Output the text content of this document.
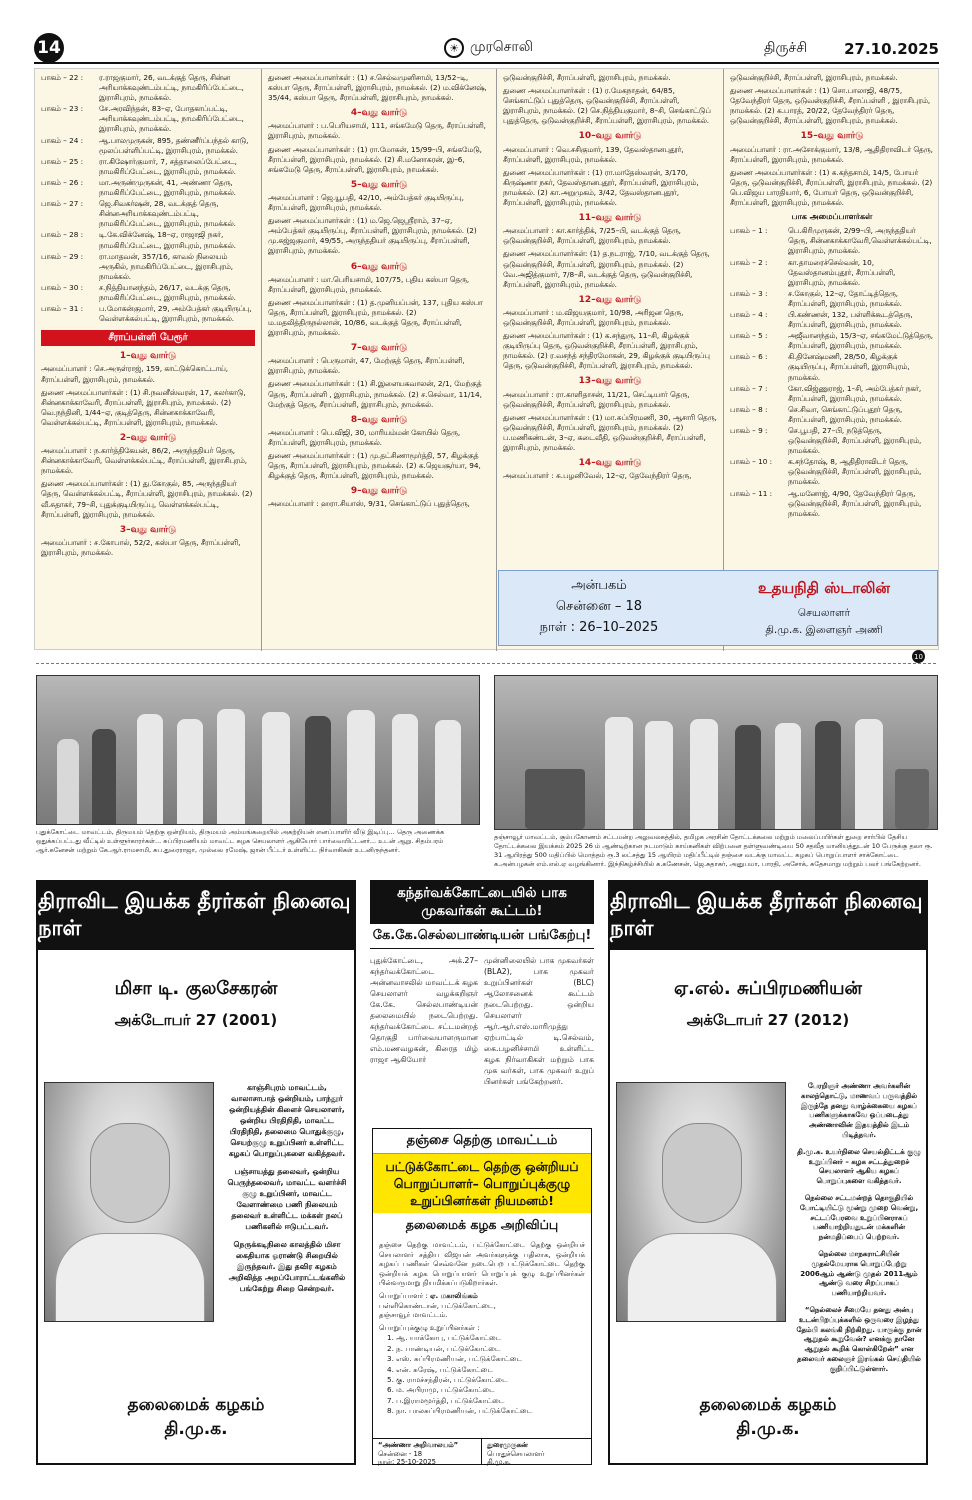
14	☀ முரசொலி	திருச்சி 27.10.2025
பாகம் – 22 :	ர.ராஜகுமார், 26, வடக்குத் தெரு, சின்ன அரியாக்கவுண்டம்பட்டி, நாமகிரிப்பேட்டை, இராசிபுரம், நாமக்கல்.
பாகம் – 23 :	சே.அரவிந்தன், 83–ஏ, போதகாப்பட்டி, அரியாக்கவுண்டம்பட்டி, நாமகிரிப்பேட்டை, இராசிபுரம், நாமக்கல்.
பாகம் – 24 :	ஆ.பாலமுருகன், 895, தண்ணீர்ப்பந்தல் காடு, மூலப்பள்ளிப்பட்டி, இராசிபுரம், நாமக்கல்.
பாகம் – 25 :	ரா.கிஷோர்குமார், 7, சத்தாலைப்பேட்டை, நாமகிரிப்பேட்டை, இராசிபுரம், நாமக்கல்.
பாகம் – 26 :	மா.அருண்முருகன், 41, அண்ணா தெரு, நாமகிரிப்பேட்டை, இராசிபுரம், நாமக்கல்.
பாகம் – 27 :	ஜெ.சிவகர்ஷன், 28, வடக்குத் தெரு, சின்னஅரியாக்கவுண்டம்பட்டி, நாமகிரிப்பேட்டை, இராசிபுரம், நாமக்கல்.
பாகம் – 28 :	டி.கே.விக்னேஷ், 18–ஏ, ராஜாஜி நகர், நாமகிரிப்பேட்டை, இராசிபுரம், நாமக்கல்.
பாகம் – 29 :	ரா.மாதவன், 357/16, காவல் நிலையம் அருகில், நாமகிரிப்பேட்டை, இராசிபுரம், நாமக்கல்.
பாகம் – 30 :	ச.நித்தியானந்தம், 26/17, வடக்கு தெரு, நாமகிரிப்பேட்டை, இராசிபுரம், நாமக்கல்.
பாகம் – 31 :	ப.மோகன்குமார், 29, அம்பேத்கர் குடியிருப்பு, வெள்ளக்கல்பட்டி, இராசிபுரம், நாமக்கல்.
சீராப்பள்ளி பேரூர்
1–வது வார்டு
அமைப்பாளர் : செ.அருள்ராஜ், 159, காட்டுக்கொட்டாய், சீராப்பள்ளி, இராசிபுரம், நாமக்கல்.
துணை அமைப்பாளர்கள் : (1) சி.நவனீஸ்வரன், 17, கலர்காடு, சின்னகாக்காவேரி, சீராப்பள்ளி, இராசிபுரம், நாமக்கல். (2) வெ.நந்தினி, 1/44–ஏ, குடித்தெரு, சின்னகாக்காவேரி, வெள்ளக்கல்பட்டி, சீராப்பள்ளி, இராசிபுரம், நாமக்கல்.
2–வது வார்டு
அமைப்பாளர் : ந.கார்த்திகேயன், 86/2, அருந்ததியர் தெரு, சின்னகாக்காவேரி, வெள்ளக்கல்பட்டி, சீராப்பள்ளி, இராசிபுரம், நாமக்கல்.
துணை அமைப்பாளர்கள் : (1) து.கோகுல், 85, அருந்ததியர் தெரு, வெள்ளக்கல்பட்டி, சீராப்பள்ளி, இராசிபுரம், நாமக்கல். (2) வீ.சுதாகர், 79–சி, புதுக்குடியிருப்பு, வெள்ளக்கல்பட்டி, சீராப்பள்ளி, இராசிபுரம், நாமக்கல்.
3–வது வார்டு
அமைப்பாளர் : ச.கோபால், 52/2, கஸ்பா தெரு, சீராப்பள்ளி, இராசிபுரம், நாமக்கல்.
துணை அமைப்பாளர்கள் : (1) ச.செல்வமுனிசாமி, 13/52–டி, கஸ்பா தெரு, சீராப்பள்ளி, இராசிபுரம், நாமக்கல். (2) ம.விக்னேஷ், 35/44, கஸ்பா தெரு, சீராப்பள்ளி, இராசிபுரம், நாமக்கல்.
4–வது வார்டு
அமைப்பாளர் : ப.பெரியசாமி, 111, சங்கமேடு தெரு, சீராப்பள்ளி, இராசிபுரம், நாமக்கல்.
துணை அமைப்பாளர்கள் : (1) ரா.மோகன், 15/99–பி, சங்கமேடு, சீராப்பள்ளி, இராசிபுரம், நாமக்கல். (2) சி.மனோகரன், இ–6, சங்கமேடு தெரு, சீராப்பள்ளி, இராசிபுரம், நாமக்கல்.
5–வது வார்டு
அமைப்பாளர் : ஜெ.யூபதி, 42/10, அம்பேத்கர் குடியிருப்பு, சீராப்பள்ளி, இராசிபுரம், நாமக்கல்.
துணை அமைப்பாளர்கள் : (1) ம.ஜெ.ஜெஸ்ரீராம், 37–ஏ, அம்பேத்கர் குடியிருப்பு, சீராப்பள்ளி, இராசிபுரம், நாமக்கல். (2) மு.சுஜ்ஜகுமார், 49/55, அருந்ததியர் குடியிருப்பு, சீராப்பள்ளி, இராசிபுரம், நாமக்கல்.
6–வது வார்டு
அமைப்பாளர் : மா.பெரியசாமி, 107/75, புதிய கஸ்பா தெரு, சீராப்பள்ளி, இராசிபுரம், நாமக்கல்.
துணை அமைப்பாளர்கள் : (1) த.முனியப்பன், 137, புதிய கஸ்பா தெரு, சீராப்பள்ளி, இராசிபுரம், நாமக்கல். (2) ம.மதலித்திருநல்லான், 10/86, வடக்குத் தெரு, சீராப்பள்ளி, இராசிபுரம், நாமக்கல்.
7–வது வார்டு
அமைப்பாளர் : பெருமாள், 47, மேற்குத் தெரு, சீராப்பள்ளி, இராசிபுரம், நாமக்கல்.
துணை அமைப்பாளர்கள் : (1) சி.இளையகவாலன், 2/1, மேற்குத் தெரு, சீராப்பள்ளி , இராசிபுரம், நாமக்கல். (2) ச.செல்வா, 11/14, மேற்குத் தெரு, சீராப்பள்ளி, இராசிபுரம், நாமக்கல்.
8–வது வார்டு
அமைப்பாளர் : பெ.விஜி, 30, மாரியம்மன் கோயில் தெரு, சீராப்பள்ளி, இராசிபுரம், நாமக்கல்.
துணை அமைப்பாளர்கள் : (1) மு.தட்சிணாமூர்த்தி, 57, கிழக்குத் தெரு, சீராப்பள்ளி, இராசிபுரம், நாமக்கல். (2) க.ஜெயசூர்யா, 94, கிழக்குத் தெரு, சீராப்பள்ளி, இராசிபுரம், நாமக்கல்.
9–வது வார்டு
அமைப்பாளர் : ஹரா.சியாஸ், 9/31, செங்காட்டுப் புதுத்தெரு,
ஒடுவன்குறிச்சி, சீராப்பள்ளி, இராசிபுரம், நாமக்கல்.
துணை அமைப்பாளர்கள் : (1) ர.மேகநாதன், 64/85, செங்காட்டுப் புதுத்தெரு, ஒடுவன்குறிச்சி, சீராப்பள்ளி, இராசிபுரம், நாமக்கல். (2) செ.நித்தியகுமார், 8–சி, செங்காட்டுப் புதுத்தெரு, ஒடுவன்குறிச்சி, சீராப்பள்ளி, இராசிபுரம், நாமக்கல்.
10–வது வார்டு
அமைப்பாளர் : வெ.சசிகுமார், 139, தேவஸ்தானபுதூர், சீராப்பள்ளி, இராசிபுரம், நாமக்கல்.
துணை அமைப்பாளர்கள் : (1) ரா.மாதேஸ்வரன், 3/170, கிருஷ்ணா நகர், தேவஸ்தானபுதூர், சீராப்பள்ளி, இராசிபுரம், நாமக்கல். (2) கா.அறுமுகம், 3/42, தேவஸ்தானபுதூர், சீராப்பள்ளி, இராசிபுரம், நாமக்கல்.
11–வது வார்டு
அமைப்பாளர் : கா.கார்த்திக், 7/25–பி, வடக்குத் தெரு, ஒடுவன்குறிச்சி, சீராப்பள்ளி, இராசிபுரம், நாமக்கல்.
துணை அமைப்பாளர்கள்: (1) த.நடராஜ், 7/10, வடக்குத் தெரு, ஒடுவன்குறிச்சி, சீராப்பள்ளி, இராசிபுரம், நாமக்கல். (2) வே.அஜித்குமார், 7/8–சி, வடக்குத் தெரு, ஒடுவன்குறிச்சி, சீராப்பள்ளி, இராசிபுரம், நாமக்கல்.
12–வது வார்டு
அமைப்பாளர் : ம.விஜயகுமார், 10/98, அரிஜன தெரு, ஒடுவன்குறிச்சி, சீராப்பள்ளி, இராசிபுரம், நாமக்கல்.
துணை அமைப்பாளர்கள் : (1) க.சந்துரு, 11–சி, கிழக்குக் குடியிருப்பு தெரு, ஒடுவன்குறிச்சி, சீராப்பள்ளி, இராசிபுரம், நாமக்கல். (2) ர.வசந்த் சந்திரமோகன், 29, கிழக்குக் குடியிருப்பு தெரு, ஒடுவன்குறிச்சி, சீராப்பள்ளி, இராசிபுரம், நாமக்கல்.
13–வது வார்டு
அமைப்பாளர் : ரா.காளிதாசன், 11/21, செட்டியார் தெரு, ஒடுவன்குறிச்சி, சீராப்பள்ளி, இராசிபுரம், நாமக்கல்.
துணை அமைப்பாளர்கள் : (1) மா.சுப்பிரமணி, 30, ஆசாரி தெரு, ஒடுவன்குறிச்சி, சீராப்பள்ளி, இராசிபுரம், நாமக்கல். (2) ப.மணிகண்டன், 3–ஏ, கடைவீதி, ஒடுவன்குறிச்சி, சீராப்பள்ளி, இராசிபுரம், நாமக்கல்.
14–வது வார்டு
அமைப்பாளர் : சு.பழனிவேல், 12–ஏ, தேவேந்திரர் தெரு,
ஒடுவன்குறிச்சி, சீராப்பள்ளி, இராசிபுரம், நாமக்கல்.
துணை அமைப்பாளர்கள் : (1) சொ.பாலாஜி, 48/75, தேவேந்திரர் தெரு, ஒடுவன்குறிச்சி, சீராப்பள்ளி , இராசிபுரம், நாமக்கல். (2) க.பாரத், 20/22, தேவேந்திரர் தெரு, ஒடுவன்குறிச்சி, சீராப்பள்ளி, இராசிபுரம், நாமக்கல்.
15–வது வார்டு
அமைப்பாளர் : ரா.அசோக்குமார், 13/8, ஆதிதிராவிடர் தெரு, சீராப்பள்ளி, இராசிபுரம், நாமக்கல்.
துணை அமைப்பாளர்கள் : (1) சு.கந்தசாமி, 14/5, போயர் தெரு, ஒடுவன்குறிச்சி, சீராப்பள்ளி, இராசிபுரம், நாமக்கல். (2) பெ.விஜய பாரதியார், 6, போயர் தெரு, ஒடுவன்குறிச்சி, சீராப்பள்ளி, இராசிபுரம், நாமக்கல்.
பாக அமைப்பாளர்கள்
பாகம் – 1 :	பெ.கிரிமுருகன், 2/99–பி, அருந்ததியர் தெரு, சின்னகாக்காவேரி,வெள்ளக்கல்பட்டி, இராசிபுரம், நாமக்கல்.
பாகம் – 2 :	கா.தாமரைச்செல்வன், 10, தேவஸ்தானம்புதூர், சீராப்பள்ளி, இராசிபுரம், நாமக்கல்.
பாகம் – 3 :	ச.கோகுல், 12–ஏ, தோட்டித்தெரு, சீராப்பள்ளி, இராசிபுரம், நாமக்கல்.
பாகம் – 4 :	பி.கண்ணன், 132, பள்ளிக்கூடத்தெரு, சீராப்பள்ளி, இராசிபுரம், நாமக்கல்.
பாகம் – 5 :	அஜீவானந்தம், 15/3–ஏ, சங்கமேட்டுத்தெரு, சீராப்பள்ளி, இராசிபுரம், நாமக்கல்.
பாகம் – 6 :	கி.தினேஷ்மணி, 28/50, கிழக்குக் குடியிருப்பு, சீராப்பள்ளி, இராசிபுரம், நாமக்கல்.
பாகம் – 7 :	கோ.விஜ்ணுராஜ், 1–சி, அம்பேத்கர் நகர், சீராப்பள்ளி, இராசிபுரம், நாமக்கல்.
பாகம் – 8 :	செ.சிவா, செங்காட்டுப்புதூர் தெரு, சீராப்பள்ளி, இராசிபுரம், நாமக்கல்.
பாகம் – 9 :	செ.பூபதி, 27–பி, நடுத்தெரு, ஒடுவன்குறிச்சி, சீராப்பள்ளி, இராசிபுரம், நாமக்கல்.
பாகம் – 10 :	க.சந்தோஷ், 8, ஆதிதிராவிடர் தெரு, ஒடுவன்குறிச்சி, சீராப்பள்ளி, இராசிபுரம், நாமக்கல்.
பாகம் – 11 :	ஆ.மனோஜ், 4/90, தேவேந்திரர் தெரு, ஒடுவன்குறிச்சி, சீராப்பள்ளி, இராசிபுரம், நாமக்கல்.
அன்பகம்
சென்னை – 18
நாள் : 26–10–2025
உதயநிதி ஸ்டாலின்
செயலாளர்
தி.மு.க. இளைஞர் அணி
10
புதுக்கோட்டை மாவட்டம், திருமயம் தெற்கு ஒன்றியம், திருமயம் அம்மங்கறையில் அகற்றியன் எனப்பாளிர் வீடு இடிப்பு... தெரு அணைக்க ஒதுக்கப்பட்டது வீட்டில் உள்ளூர்காரர்கள்... சுப்பிரமணியம் மாவட்ட கழக செயலாளர் ஆகியோர் பார்வையிட்டனர்... உடன் ஆறு. சிதம்பரம் ஆர்.கனேசன் மற்றும் கே.ஆர்.ராமசாமி, சுப.துரைராஜா, முல்லை ரமேஷ், ஜான் பீட்டர் உள்ளிட்ட நிர்வாகிகள் உடனிருந்தனர்.
தஞ்சாவூர் மாவட்டம், கும்பகோணம் சட்டமன்ற அலுவலகத்தில், தமிழக அரசின் தோட்டக்கலை மற்றும் மலைப்பயிர்கள் துறை சார்பில் தேசிய தோட்டக்கலை இயக்கம் 2025 26 ம் ஆண்டிற்கான நடமாடும் காய்கனிகள் விற்பனை தள்ளுவண்டியை 50 சதவீத மானியத்துடன் 10 பேருக்கு தலா ரூ. 31 ஆயிரத்து 500 மதிப்பில் மொத்தம் ரூ.3 லட்சத்து 15 ஆயிரம் மதிப்பீட்டில் தஞ்சை வடக்கு மாவட்ட கழகப் பொறுப்பாளர் சாக்கோட்டை க.அன்பழகன் எம்.எல்.ஏ வழங்கினார். இந்நிகழ்ச்சியில் க.கணேசன், ஜெ.சுதாகர், அனுபமா, பாரதி, அசோக், சுதேசமாறு மற்றும் பலர் பங்கேற்றனர்.
திராவிட இயக்க தீரர்கள் நினைவு நாள்
மிசா டி. குலசேகரன்
அக்டோபர் 27 (2001)

காஞ்சிபுரம் மாவட்டம், வாலாசாபாத் ஒன்றியம், பாந்தூர் ஒன்றியத்தின் கிளைச் செயலாளர், ஒன்றிய பிரதிநிதி, மாவட்ட பிரதிநிதி, தலைமை பொதுக்குழு, செயற்குழு உறுப்பினர் உள்ளிட்ட கழகப் பொறுப்புகளை வகித்தவர்.

பஞ்சாயத்து தலைவர், ஒன்றிய பெருந்தலைவர், மாவட்ட வளர்ச்சி குழு உறுப்பினர், மாவட்ட வேளாண்மை பணி நிலையம் தலைவர் உள்ளிட்ட மக்கள் நலப் பணிகளில் ஈடுபட்டவர்.

நெருக்கடிநிலை காலத்தில் மிசா கைதியாக ஓராண்டு சிறையில் இருந்தவர். இது தவிர கழகம் அறிவித்த அறப்போராட்டங்களில் பங்கேற்று சிறை சென்றவர்.

தலைமைக் கழகம்
தி.மு.க.
கந்தர்வக்கோட்டையில் பாக முகவர்கள் கூட்டம்!
கே.கே.செல்லபாண்டியன் பங்கேற்பு!
புதுக்கோட்டை, அக்.27– கந்தர்வக்கோட்டை அன்னவாசலில் மாவட்டக் கழக செயலாளர் வழக்கறிஞர் கே.கே. செல்லபாண்டியன் தலைமையில் நடைபெற்றது. கந்தர்வக்கோட்டை சட்டமன்றத் தொகுதி பார்வையாளருமான எம்.மணவழகன், கிரைத மிழ் ராஜா ஆகியோர்
முன்னிலையில் பாக முகவர்கள் (BLA2), பாக முகவர் உறுப்பினர்கள் (BLC) ஆலோசனைக் கூட்டம் நடைபெற்றது. ஒன்றிய செயலாளர் ஆர்.ஆர்.எஸ்.மாரிமுத்து ஏற்பாட்டில் டி.செல்வம், கை.பழனிச்சாமி உள்ளிட்ட கழக நிர்வாகிகள் மற்றும் பாக முக வர்கள், பாக முகவர் உறுப் பினர்கள் பங்கேற்றனர்.
தஞ்சை தெற்கு மாவட்டம்
பட்டுக்கோட்டை தெற்கு ஒன்றியப் பொறுப்பாளர்– பொறுப்புக்குழு உறுப்பினர்கள் நியமனம்!
தலைமைக் கழக அறிவிப்பு
தஞ்சை தெற்கு மாவட்டம், பட்டுக்கோட்டை தெற்கு ஒன்றியச் செயலாளர் சத்திய விஜயன் அவர்களுக்கு பதிலாக, ஒன்றியக் கழகப் பணிகள் செவ்வனே நடைபெற பட்டுக்கோட்டை தெற்கு ஒன்றியக் கழக பொறுப்பாளர் பொறுப்புக் குழு உறுப்பினர்கள் பின்வருமாறு நியமிக்கப்படுகிறார்கள்.
பொறுப்பாளர் : ஏ. மகாலிங்கம்
பள்ளிகொண்டான், பட்டுக்கோட்டை,
தஞ்சாவூர் மாவட்டம்.
பொறுப்புக்குழு உறுப்பினர்கள் :
1. ஆ. யாக்கோபு, பட்டுக்கோட்டை
2. ந. பாண்டியன், பட்டுக்கோட்டை
3. எஸ். சுப்பிரமணியன், பட்டுக்கோட்டை
4. என். சுரேஷ், பட்டுக்கோட்டை
5. கு. ராமச்சந்திரன், பட்டுக்கோட்டை
6. ம. அபிராமு, பட்டுக்கோட்டை
7. ப.இராமமூர்த்தி, பட்டுக்கோட்டை
8. நா. பாலசுப்பிரமணியன், பட்டுக்கோட்டை
“அண்ணா அறிவாலயம்”
சென்னை - 18
நாள்: 25-10-2025
துரைமுருகன்
பொதுச்செயலாளர்
தி.மு.க.
திராவிட இயக்க தீரர்கள் நினைவு நாள்
ஏ.எல். சுப்பிரமணியன்
அக்டோபர் 27 (2012)

பேரறிஞர் அண்ணா அவர்களின் காலந்தொட்டு, மாணவப் பருவத்தில் இருந்தே தனது வாழ்க்கையை கழகப் பணிகளுக்காகவே ஒப்படைத்து அண்ணாவின் இதயத்தில் இடம் பிடித்தவர்.

தி.மு.க. உயர்நிலை செயல்திட்டக் குழு உறுப்பினர் – கழக சட்டத்துறைச் செயலாளர் ஆகிய கழகப் பொறுப்புகளை வகித்தவர்.

நெல்லை சட்டமன்றத் தொகுதியில் போட்டியிட்டு மூன்று முறை வென்று, சட்டப்பேரவை உறுப்பினராகப் பணியாற்றியதுடன் மக்களின் நன்மதிப்பைப் பெற்றவர்.

நெல்லை மாநகராட்சியின் முதல்மேயராக பொறுப்பேற்று 2006ஆம் ஆண்டு முதல் 2011ஆம் ஆண்டு வரை சிறப்பாகப் பணியாற்றியவர்.

“நெல்லைச் சீமையே தனது அன்பு உடன்பிறப்புக்களில் ஒருவரை இழந்து தேம்பி கலங்கி நிற்கிறது. யாருக்கு நான் ஆறுதல் கூறுவேன்? எனக்கு நானே ஆறுதல் கூறிக் கொள்கிறேன்” என தலைவர் கலைஞர் இரங்கல் செய்தியில் குறிப்பிட்டுள்ளார்.

தலைமைக் கழகம்
தி.மு.க.
